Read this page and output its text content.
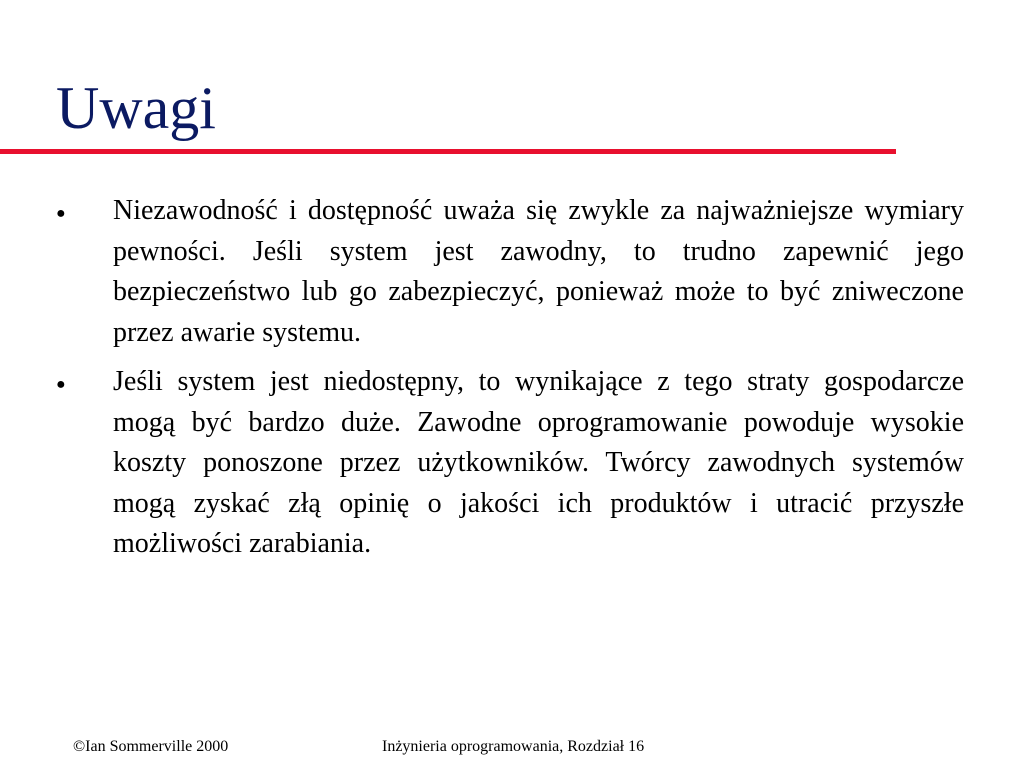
Uwagi
●	Niezawodność i dostępność uważa się zwykle za najważniejsze wymiary pewności. Jeśli system jest zawodny, to trudno zapewnić jego bezpieczeństwo lub go zabezpieczyć, ponieważ może to być zniweczone przez awarie systemu.
●	Jeśli system jest niedostępny, to wynikające z tego straty gospodarcze mogą być bardzo duże. Zawodne oprogramowanie powoduje wysokie koszty ponoszone przez użytkowników. Twórcy zawodnych systemów mogą zyskać złą opinię o jakości ich produktów i utracić przyszłe możliwości zarabiania.
©Ian Sommerville 2000	Inżynieria oprogramowania, Rozdział 16
